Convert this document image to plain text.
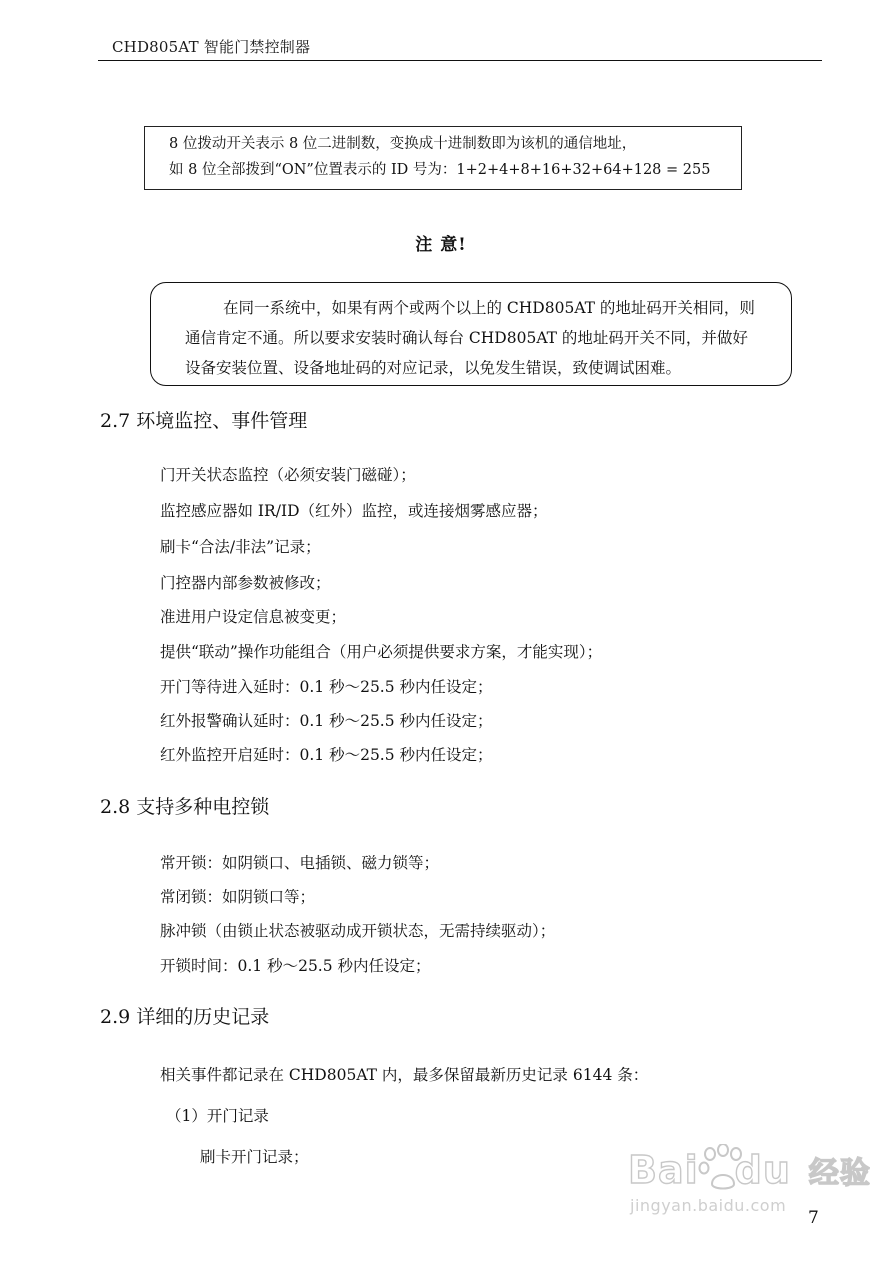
CHD805AT 智能门禁控制器
8 位拨动开关表示 8 位二进制数，变换成十进制数即为该机的通信地址，
如 8 位全部拨到“ON”位置表示的 ID 号为：1+2+4+8+16+32+64+128 = 255
注 意!
在同一系统中，如果有两个或两个以上的 CHD805AT 的地址码开关相同，则
通信肯定不通。所以要求安装时确认每台 CHD805AT 的地址码开关不同，并做好
设备安装位置、设备地址码的对应记录，以免发生错误，致使调试困难。
2.7 环境监控、事件管理
门开关状态监控（必须安装门磁碰）；
监控感应器如 IR/ID（红外）监控，或连接烟雾感应器；
刷卡“合法/非法”记录；
门控器内部参数被修改；
准进用户设定信息被变更；
提供“联动”操作功能组合（用户必须提供要求方案，才能实现）；
开门等待进入延时：0.1 秒～25.5 秒内任设定；
红外报警确认延时：0.1 秒～25.5 秒内任设定；
红外监控开启延时：0.1 秒～25.5 秒内任设定；
2.8 支持多种电控锁
常开锁：如阴锁口、电插锁、磁力锁等；
常闭锁：如阴锁口等；
脉冲锁（由锁止状态被驱动成开锁状态，无需持续驱动）；
开锁时间：0.1 秒～25.5 秒内任设定；
2.9 详细的历史记录
相关事件都记录在 CHD805AT 内，最多保留最新历史记录 6144 条：
（1）开门记录
刷卡开门记录；	Bai du 经验
jingyan.baidu.com
7
